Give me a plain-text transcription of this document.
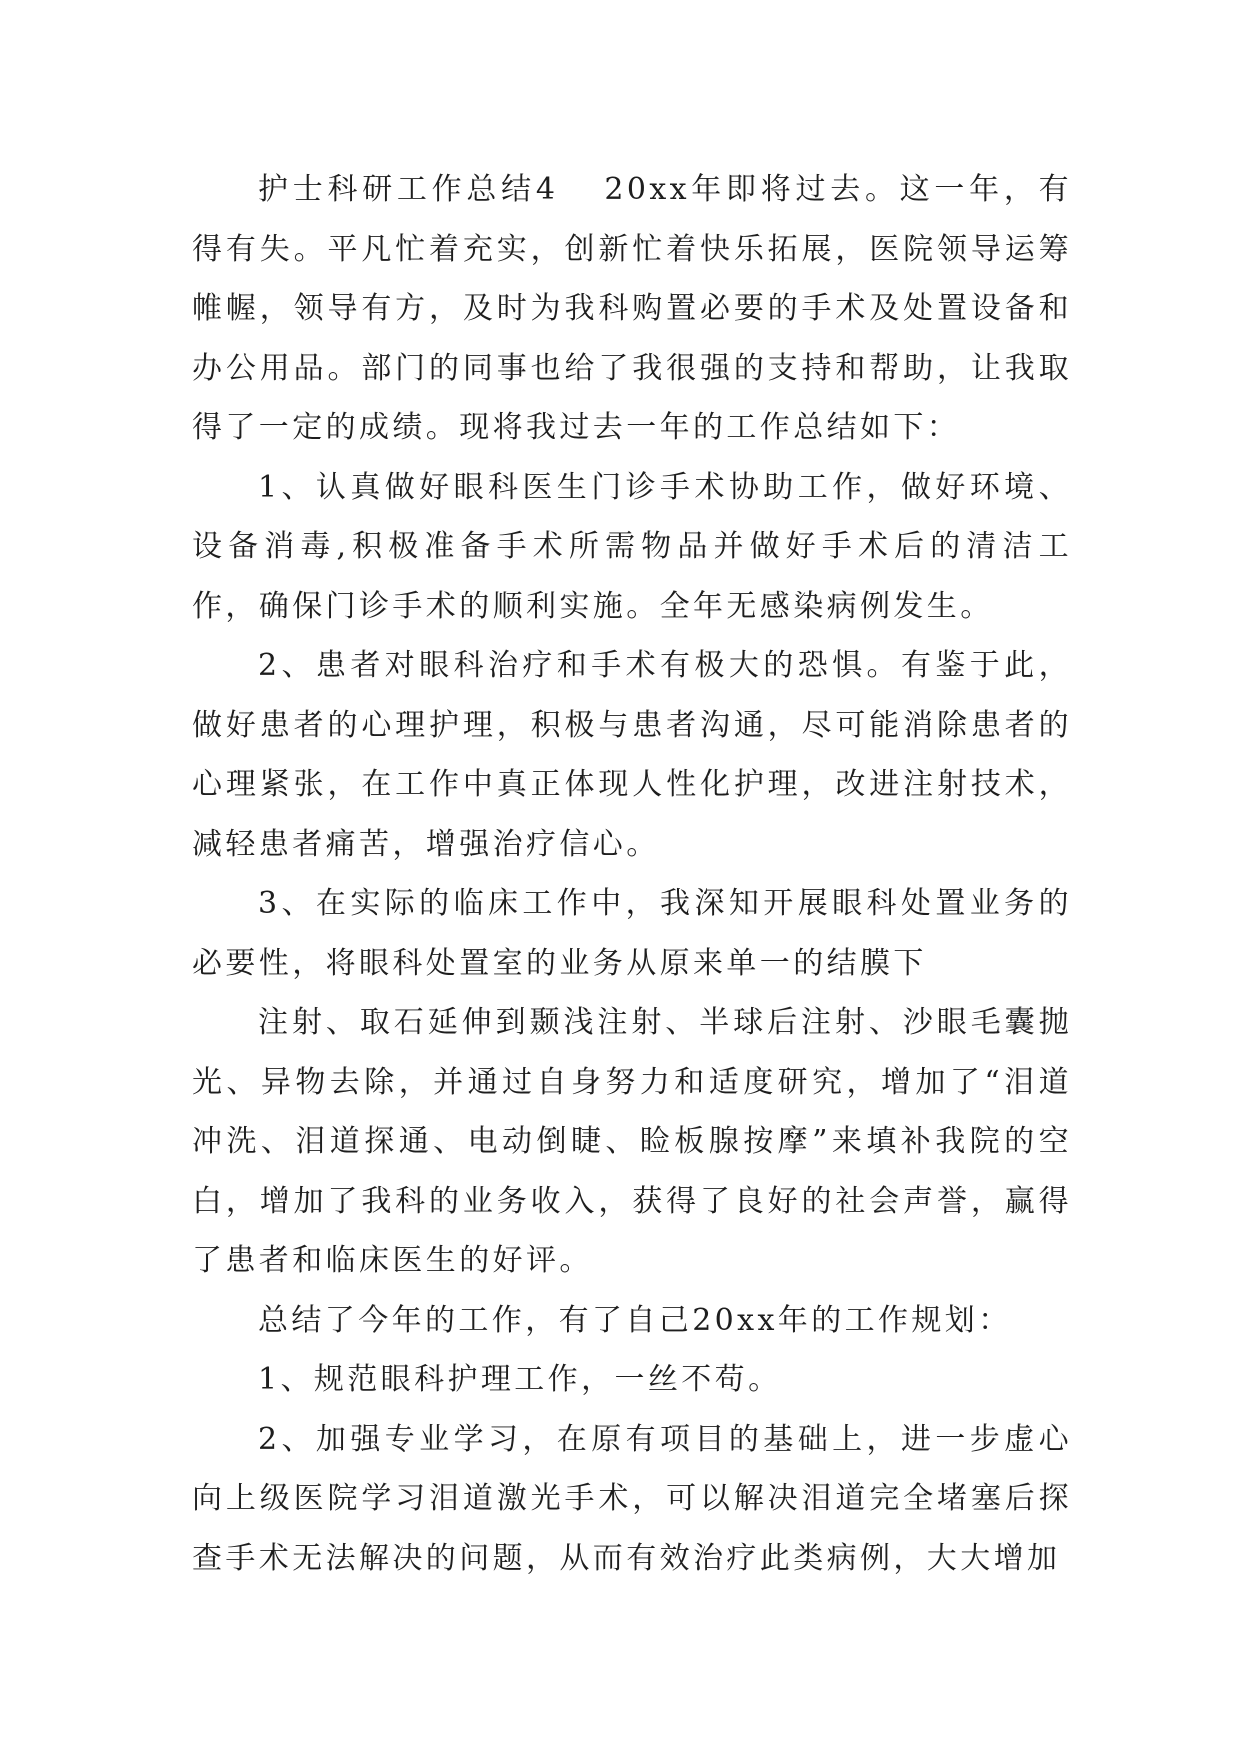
护士科研工作总结4 20xx年即将过去。这一年，有得有失。平凡忙着充实，创新忙着快乐拓展，医院领导运筹帷幄，领导有方，及时为我科购置必要的手术及处置设备和办公用品。部门的同事也给了我很强的支持和帮助，让我取得了一定的成绩。现将我过去一年的工作总结如下：

1、认真做好眼科医生门诊手术协助工作，做好环境、设备消毒,积极准备手术所需物品并做好手术后的清洁工作，确保门诊手术的顺利实施。全年无感染病例发生。

2、患者对眼科治疗和手术有极大的恐惧。有鉴于此，做好患者的心理护理，积极与患者沟通，尽可能消除患者的心理紧张，在工作中真正体现人性化护理，改进注射技术，减轻患者痛苦，增强治疗信心。

3、在实际的临床工作中，我深知开展眼科处置业务的必要性，将眼科处置室的业务从原来单一的结膜下

注射、取石延伸到颞浅注射、半球后注射、沙眼毛囊抛光、异物去除，并通过自身努力和适度研究，增加了“泪道冲洗、泪道探通、电动倒睫、睑板腺按摩”来填补我院的空白，增加了我科的业务收入，获得了良好的社会声誉，赢得了患者和临床医生的好评。

总结了今年的工作，有了自己20xx年的工作规划：

1、规范眼科护理工作，一丝不苟。

2、加强专业学习，在原有项目的基础上，进一步虚心向上级医院学习泪道激光手术，可以解决泪道完全堵塞后探查手术无法解决的问题，从而有效治疗此类病例，大大增加
